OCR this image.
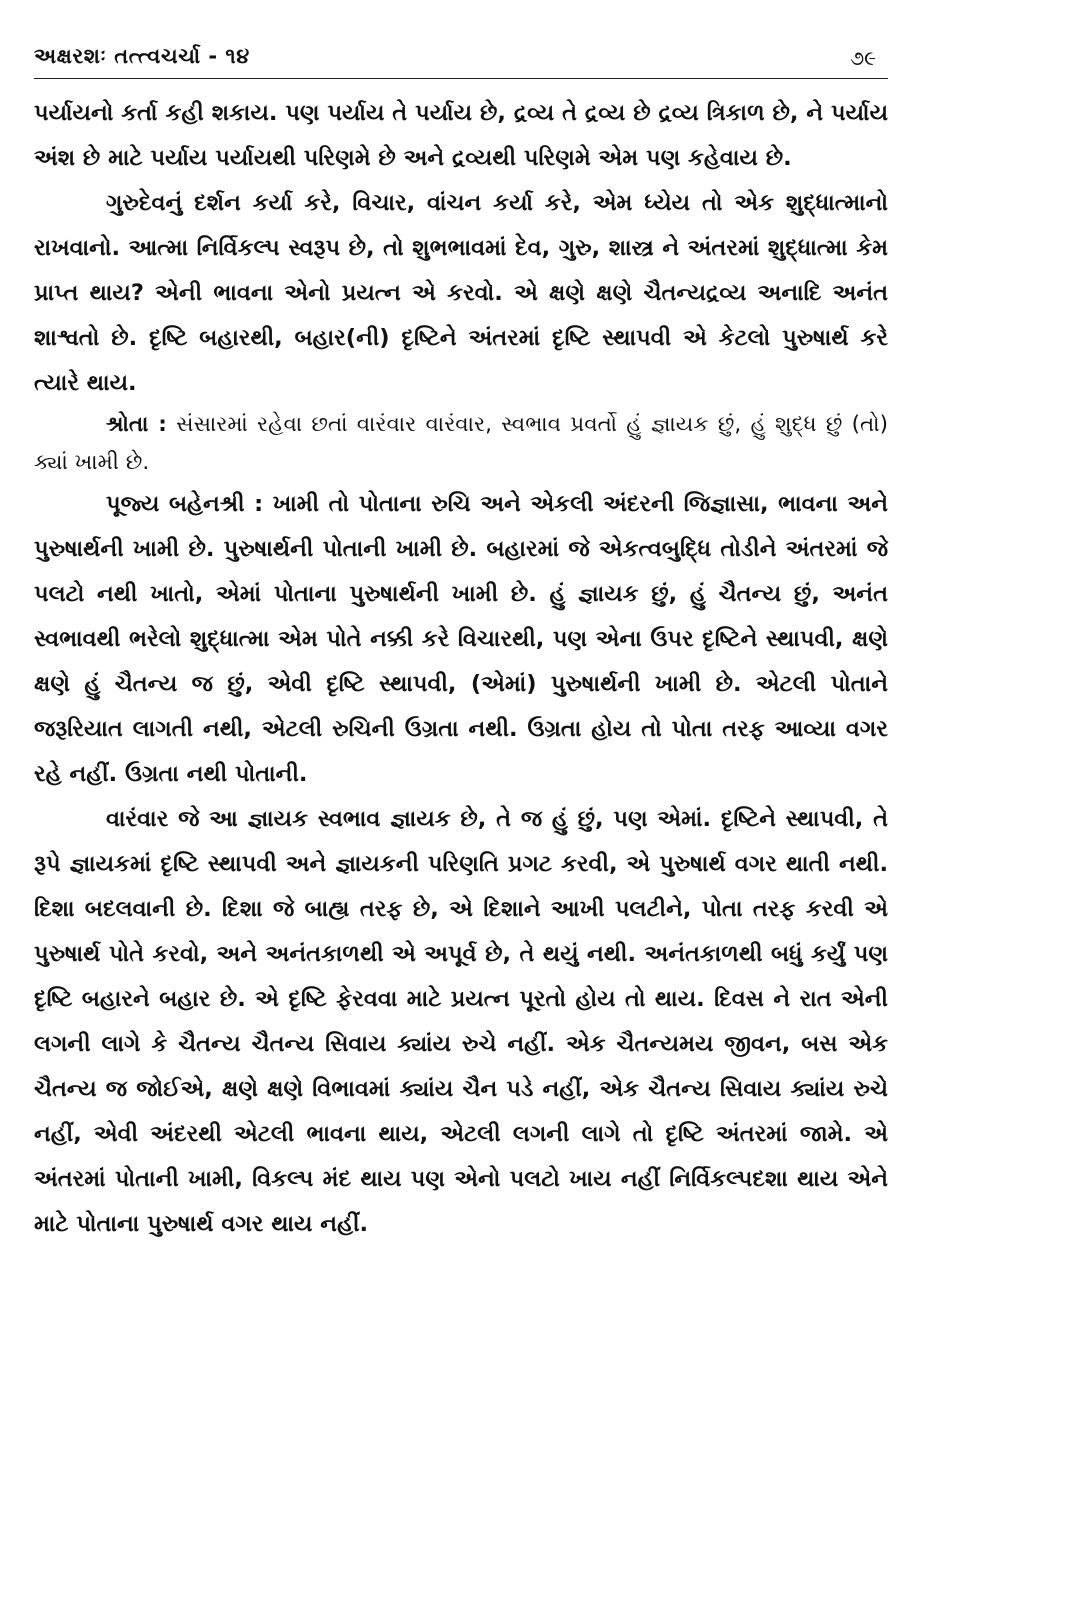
અક્ષરશઃ તત્ત્વચર્ચા - ૧૪	૭૯

પર્યાયનો કર્તા કહી શકાય. પણ પર્યાય તે પર્યાય છે, દ્રવ્ય તે દ્રવ્ય છે દ્રવ્ય ત્રિકાળ છે, ને પર્યાય અંશ છે માટે પર્યાય પર્યાયથી પરિણમે છે અને દ્રવ્યથી પરિણમે એમ પણ કહેવાય છે.

ગુરુદેવનું દર્શન કર્યા કરે, વિચાર, વાંચન કર્યા કરે, એમ ધ્યેય તો એક શુદ્ધાત્માનો રાખવાનો. આત્મા નિર્વિકલ્પ સ્વરૂપ છે, તો શુભભાવમાં દેવ, ગુરુ, શાસ્ત્ર ને અંતરમાં શુદ્ધાત્મા કેમ પ્રાપ્ત થાય? એની ભાવના એનો પ્રયત્ન એ કરવો. એ ક્ષણે ક્ષણે ચૈતન્યદ્રવ્ય અનાદિ અનંત શાશ્વતો છે. દૃષ્ટિ બહારથી, બહાર(ની) દૃષ્ટિને અંતરમાં દૃષ્ટિ સ્થાપવી એ કેટલો પુરુષાર્થ કરે ત્યારે થાય.

શ્રોતા : સંસારમાં રહેવા છતાં વારંવાર વારંવાર, સ્વભાવ પ્રવર્તો હું જ્ઞાયક છું, હું શુદ્ધ છું (તો) ક્યાં ખામી છે.

પૂજ્ય બહેનશ્રી : ખામી તો પોતાના રુચિ અને એકલી અંદરની જિજ્ઞાસા, ભાવના અને પુરુષાર્થની ખામી છે. પુરુષાર્થની પોતાની ખામી છે. બહારમાં જે એકત્વબુદ્ધિ તોડીને અંતરમાં જે પલટો નથી ખાતો, એમાં પોતાના પુરુષાર્થની ખામી છે. હું જ્ઞાયક છું, હું ચૈતન્ય છું, અનંત સ્વભાવથી ભરેલો શુદ્ધાત્મા એમ પોતે નક્કી કરે વિચારથી, પણ એના ઉપર દૃષ્ટિને સ્થાપવી, ક્ષણે ક્ષણે હું ચૈતન્ય જ છું, એવી દૃષ્ટિ સ્થાપવી, (એમાં) પુરુષાર્થની ખામી છે. એટલી પોતાને જરૂરિયાત લાગતી નથી, એટલી રુચિની ઉગ્રતા નથી. ઉગ્રતા હોય તો પોતા તરફ આવ્યા વગર રહે નહીં. ઉગ્રતા નથી પોતાની.

વારંવાર જે આ જ્ઞાયક સ્વભાવ જ્ઞાયક છે, તે જ હું છું, પણ એમાં. દૃષ્ટિને સ્થાપવી, તે રૂપે જ્ઞાયકમાં દૃષ્ટિ સ્થાપવી અને જ્ઞાયકની પરિણતિ પ્રગટ કરવી, એ પુરુષાર્થ વગર થાતી નથી. દિશા બદલવાની છે. દિશા જે બાહ્ય તરફ છે, એ દિશાને આખી પલટીને, પોતા તરફ કરવી એ પુરુષાર્થ પોતે કરવો, અને અનંતકાળથી એ અપૂર્વ છે, તે થયું નથી. અનંતકાળથી બધું કર્યું પણ દૃષ્ટિ બહારને બહાર છે. એ દૃષ્ટિ ફેરવવા માટે પ્રયત્ન પૂરતો હોય તો થાય. દિવસ ને રાત એની લગની લાગે કે ચૈતન્ય ચૈતન્ય સિવાય ક્યાંય રુચે નહીં. એક ચૈતન્યમય જીવન, બસ એક ચૈતન્ય જ જોઈએ, ક્ષણે ક્ષણે વિભાવમાં ક્યાંય ચૈન પડે નહીં, એક ચૈતન્ય સિવાય ક્યાંય રુચે નહીં, એવી અંદરથી એટલી ભાવના થાય, એટલી લગની લાગે તો દૃષ્ટિ અંતરમાં જામે. એ અંતરમાં પોતાની ખામી, વિકલ્પ મંદ થાય પણ એનો પલટો ખાય નહીં નિર્વિકલ્પદશા થાય એને માટે પોતાના પુરુષાર્થ વગર થાય નહીં.
